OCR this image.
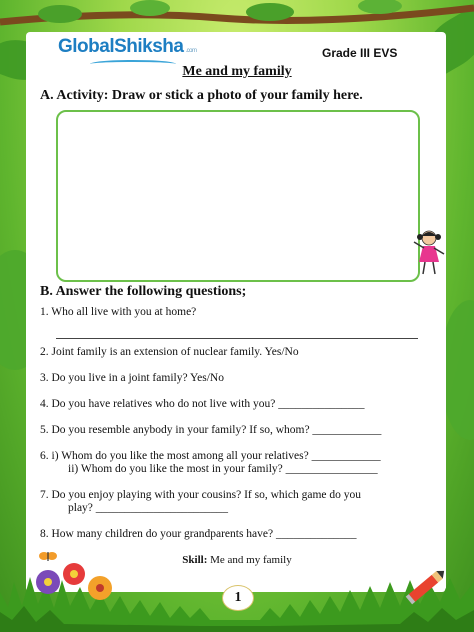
GlobalShiksha .com	Grade III EVS
Me and my family
A. Activity: Draw or stick a photo of your family here.
B. Answer the following questions;
1. Who all live with you at home?
2. Joint family is an extension of nuclear family. Yes/No
3. Do you live in a joint family? Yes/No
4. Do you have relatives who do not live with you? _______________
5. Do you resemble anybody in your family? If so, whom? ____________
6. i) Whom do you like the most among all your relatives? ____________
ii) Whom do you like the most in your family? ________________
7. Do you enjoy playing with your cousins? If so, which game do you
play? _______________________
8. How many children do your grandparents have? ______________
Skill: Me and my family
1
